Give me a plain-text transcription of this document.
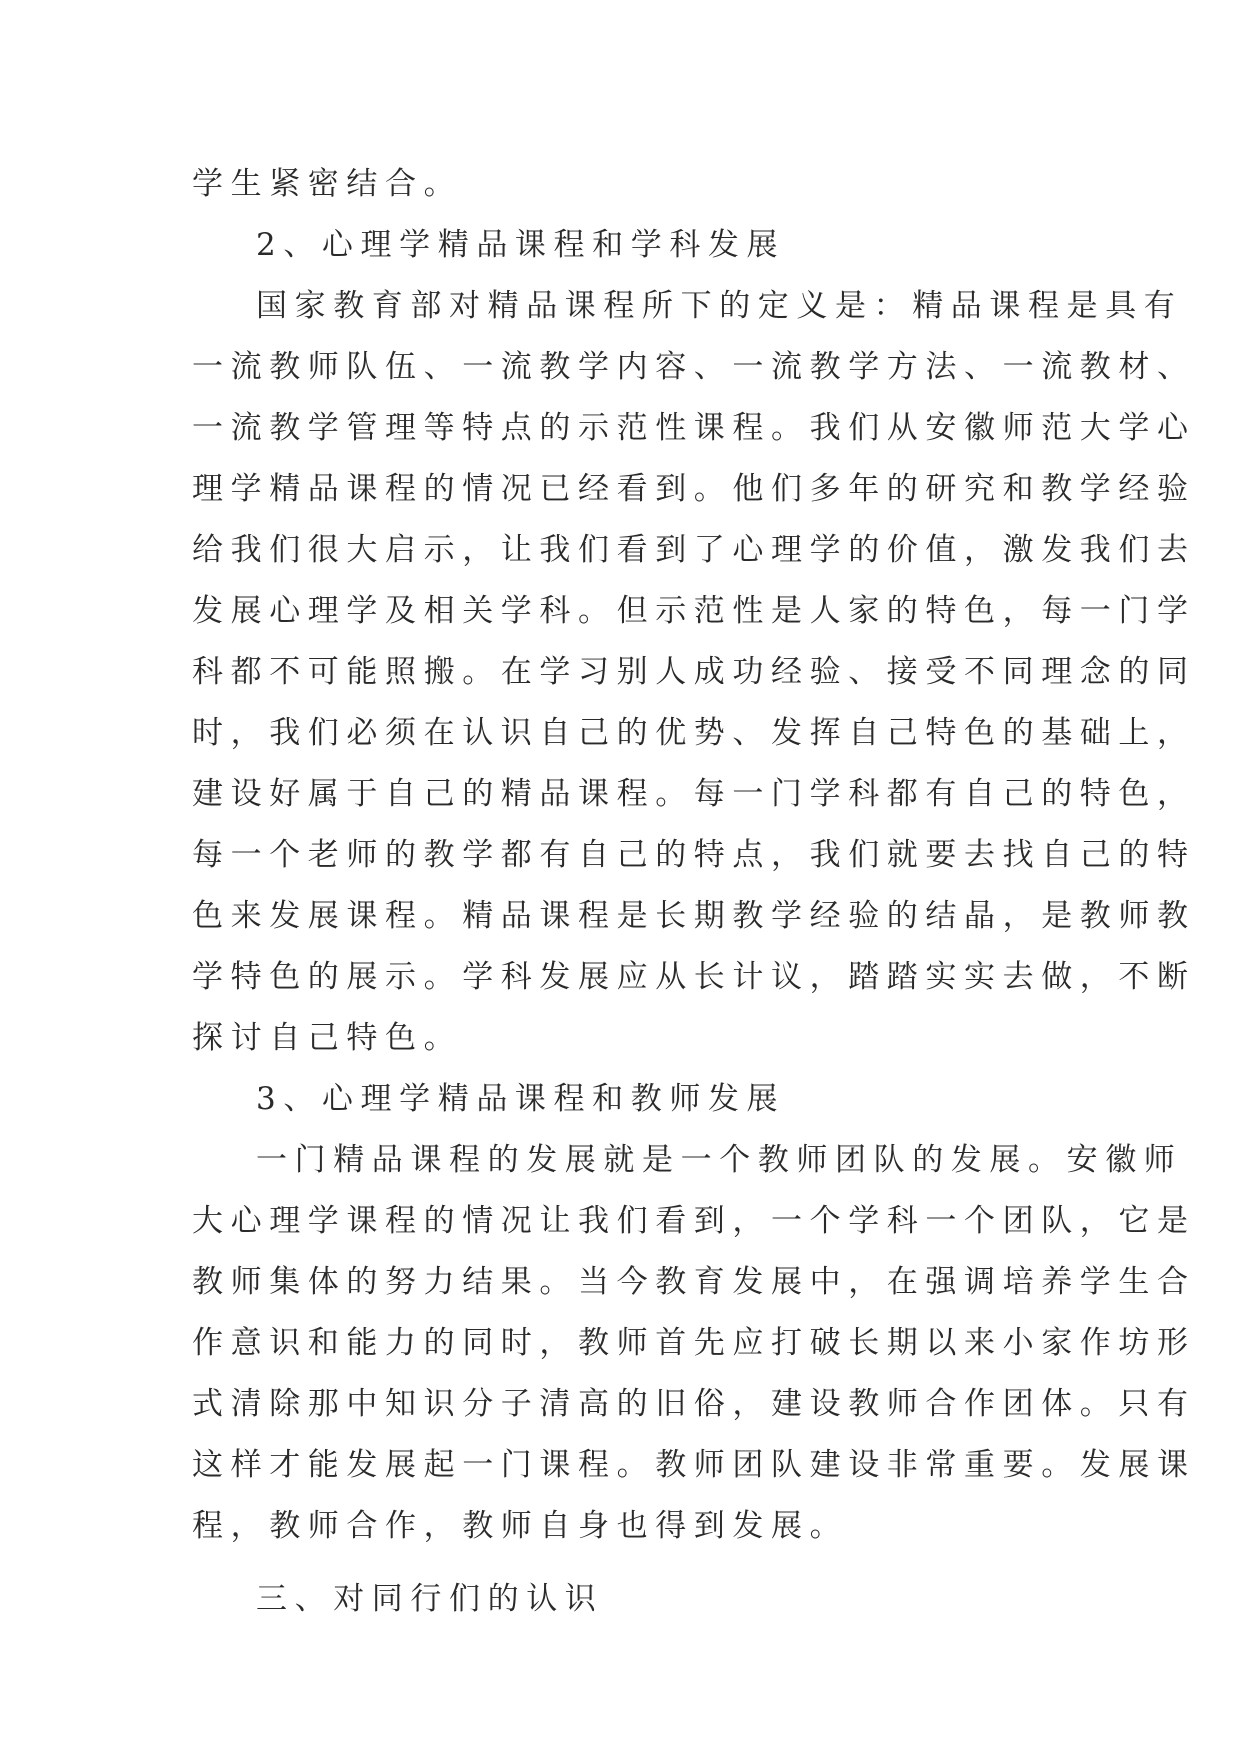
学生紧密结合。
2、心理学精品课程和学科发展
国家教育部对精品课程所下的定义是：精品课程是具有
一流教师队伍、一流教学内容、一流教学方法、一流教材、
一流教学管理等特点的示范性课程。我们从安徽师范大学心
理学精品课程的情况已经看到。他们多年的研究和教学经验
给我们很大启示，让我们看到了心理学的价值，激发我们去
发展心理学及相关学科。但示范性是人家的特色，每一门学
科都不可能照搬。在学习别人成功经验、接受不同理念的同
时，我们必须在认识自己的优势、发挥自己特色的基础上，
建设好属于自己的精品课程。每一门学科都有自己的特色，
每一个老师的教学都有自己的特点，我们就要去找自己的特
色来发展课程。精品课程是长期教学经验的结晶，是教师教
学特色的展示。学科发展应从长计议，踏踏实实去做，不断
探讨自己特色。
3、心理学精品课程和教师发展
一门精品课程的发展就是一个教师团队的发展。安徽师
大心理学课程的情况让我们看到，一个学科一个团队，它是
教师集体的努力结果。当今教育发展中，在强调培养学生合
作意识和能力的同时，教师首先应打破长期以来小家作坊形
式清除那中知识分子清高的旧俗，建设教师合作团体。只有
这样才能发展起一门课程。教师团队建设非常重要。发展课
程，教师合作，教师自身也得到发展。
三、对同行们的认识
